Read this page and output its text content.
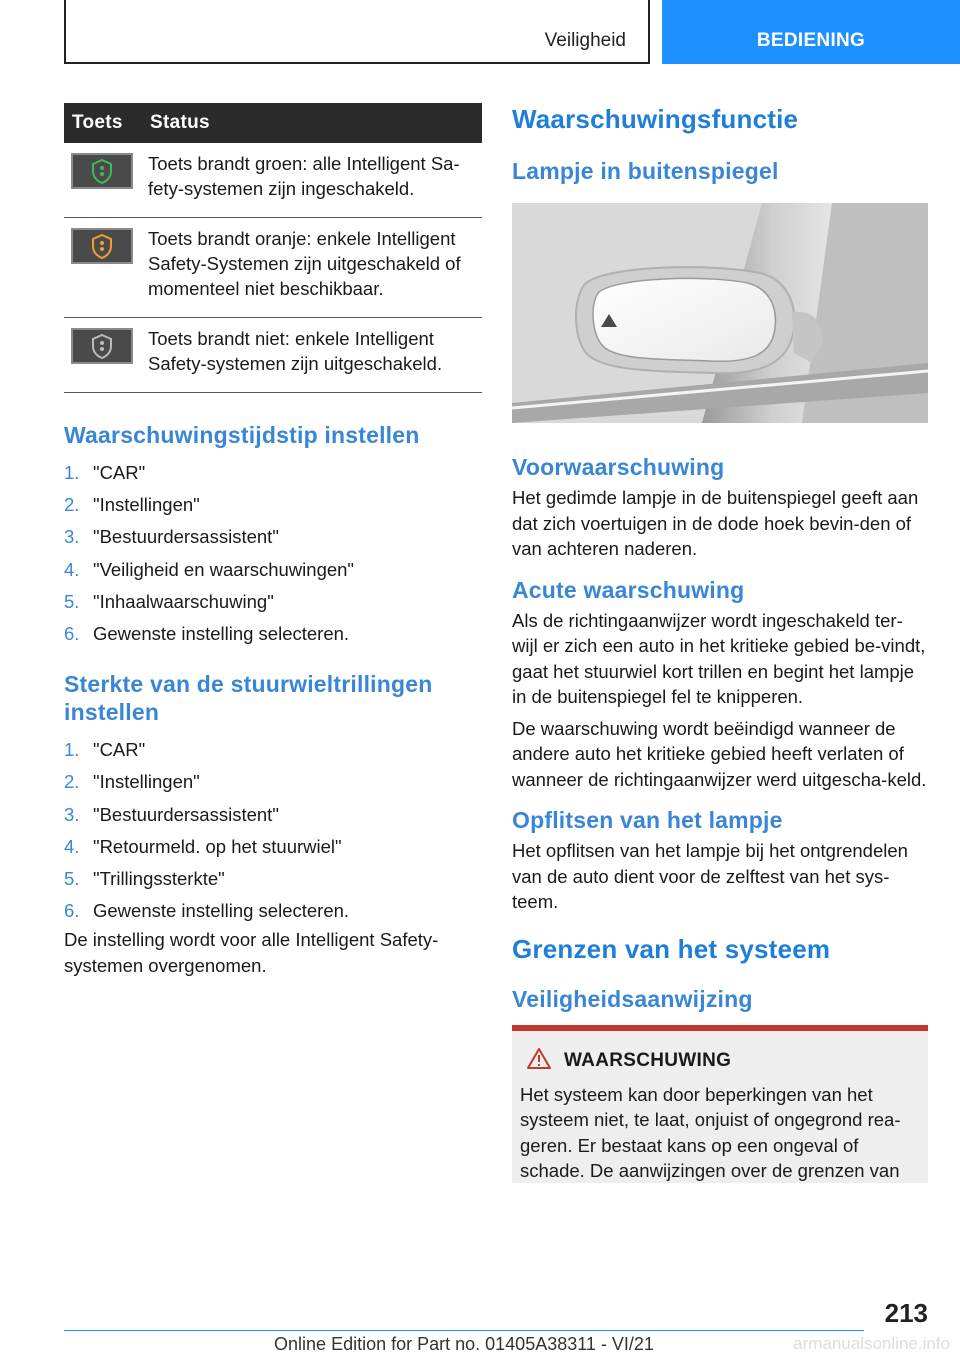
Veiligheid	BEDIENING
Toets	Status

	Toets brandt groen: alle Intelligent Sa-fety-systemen zijn ingeschakeld.

	Toets brandt oranje: enkele Intelligent Safety-Systemen zijn uitgeschakeld of momenteel niet beschikbaar.

	Toets brandt niet: enkele Intelligent Safety-systemen zijn uitgeschakeld.
Waarschuwingstijdstip instellen
1. "CAR"
2. "Instellingen"
3. "Bestuurdersassistent"
4. "Veiligheid en waarschuwingen"
5. "Inhaalwaarschuwing"
6. Gewenste instelling selecteren.
Sterkte van de stuurwieltrillingen instellen
1. "CAR"
2. "Instellingen"
3. "Bestuurdersassistent"
4. "Retourmeld. op het stuurwiel"
5. "Trillingssterkte"
6. Gewenste instelling selecteren.

De instelling wordt voor alle Intelligent Safety-systemen overgenomen.

Waarschuwingsfunctie
Lampje in buitenspiegel
Voorwaarschuwing

Het gedimde lampje in de buitenspiegel geeft aan dat zich voertuigen in de dode hoek bevin-den of van achteren naderen.

Acute waarschuwing

Als de richtingaanwijzer wordt ingeschakeld ter-wijl er zich een auto in het kritieke gebied be-vindt, gaat het stuurwiel kort trillen en begint het lampje in de buitenspiegel fel te knipperen.

De waarschuwing wordt beëindigd wanneer de andere auto het kritieke gebied heeft verlaten of wanneer de richtingaanwijzer werd uitgescha-keld.

Opflitsen van het lampje

Het opflitsen van het lampje bij het ontgrendelen van de auto dient voor de zelftest van het sys-teem.

Grenzen van het systeem
Veiligheidsaanwijzing
WAARSCHUWING

Het systeem kan door beperkingen van het systeem niet, te laat, onjuist of ongegrond rea-geren. Er bestaat kans op een ongeval of schade. De aanwijzingen over de grenzen van

213
Online Edition for Part no. 01405A38311 - VI/21	armanualsonline.info
